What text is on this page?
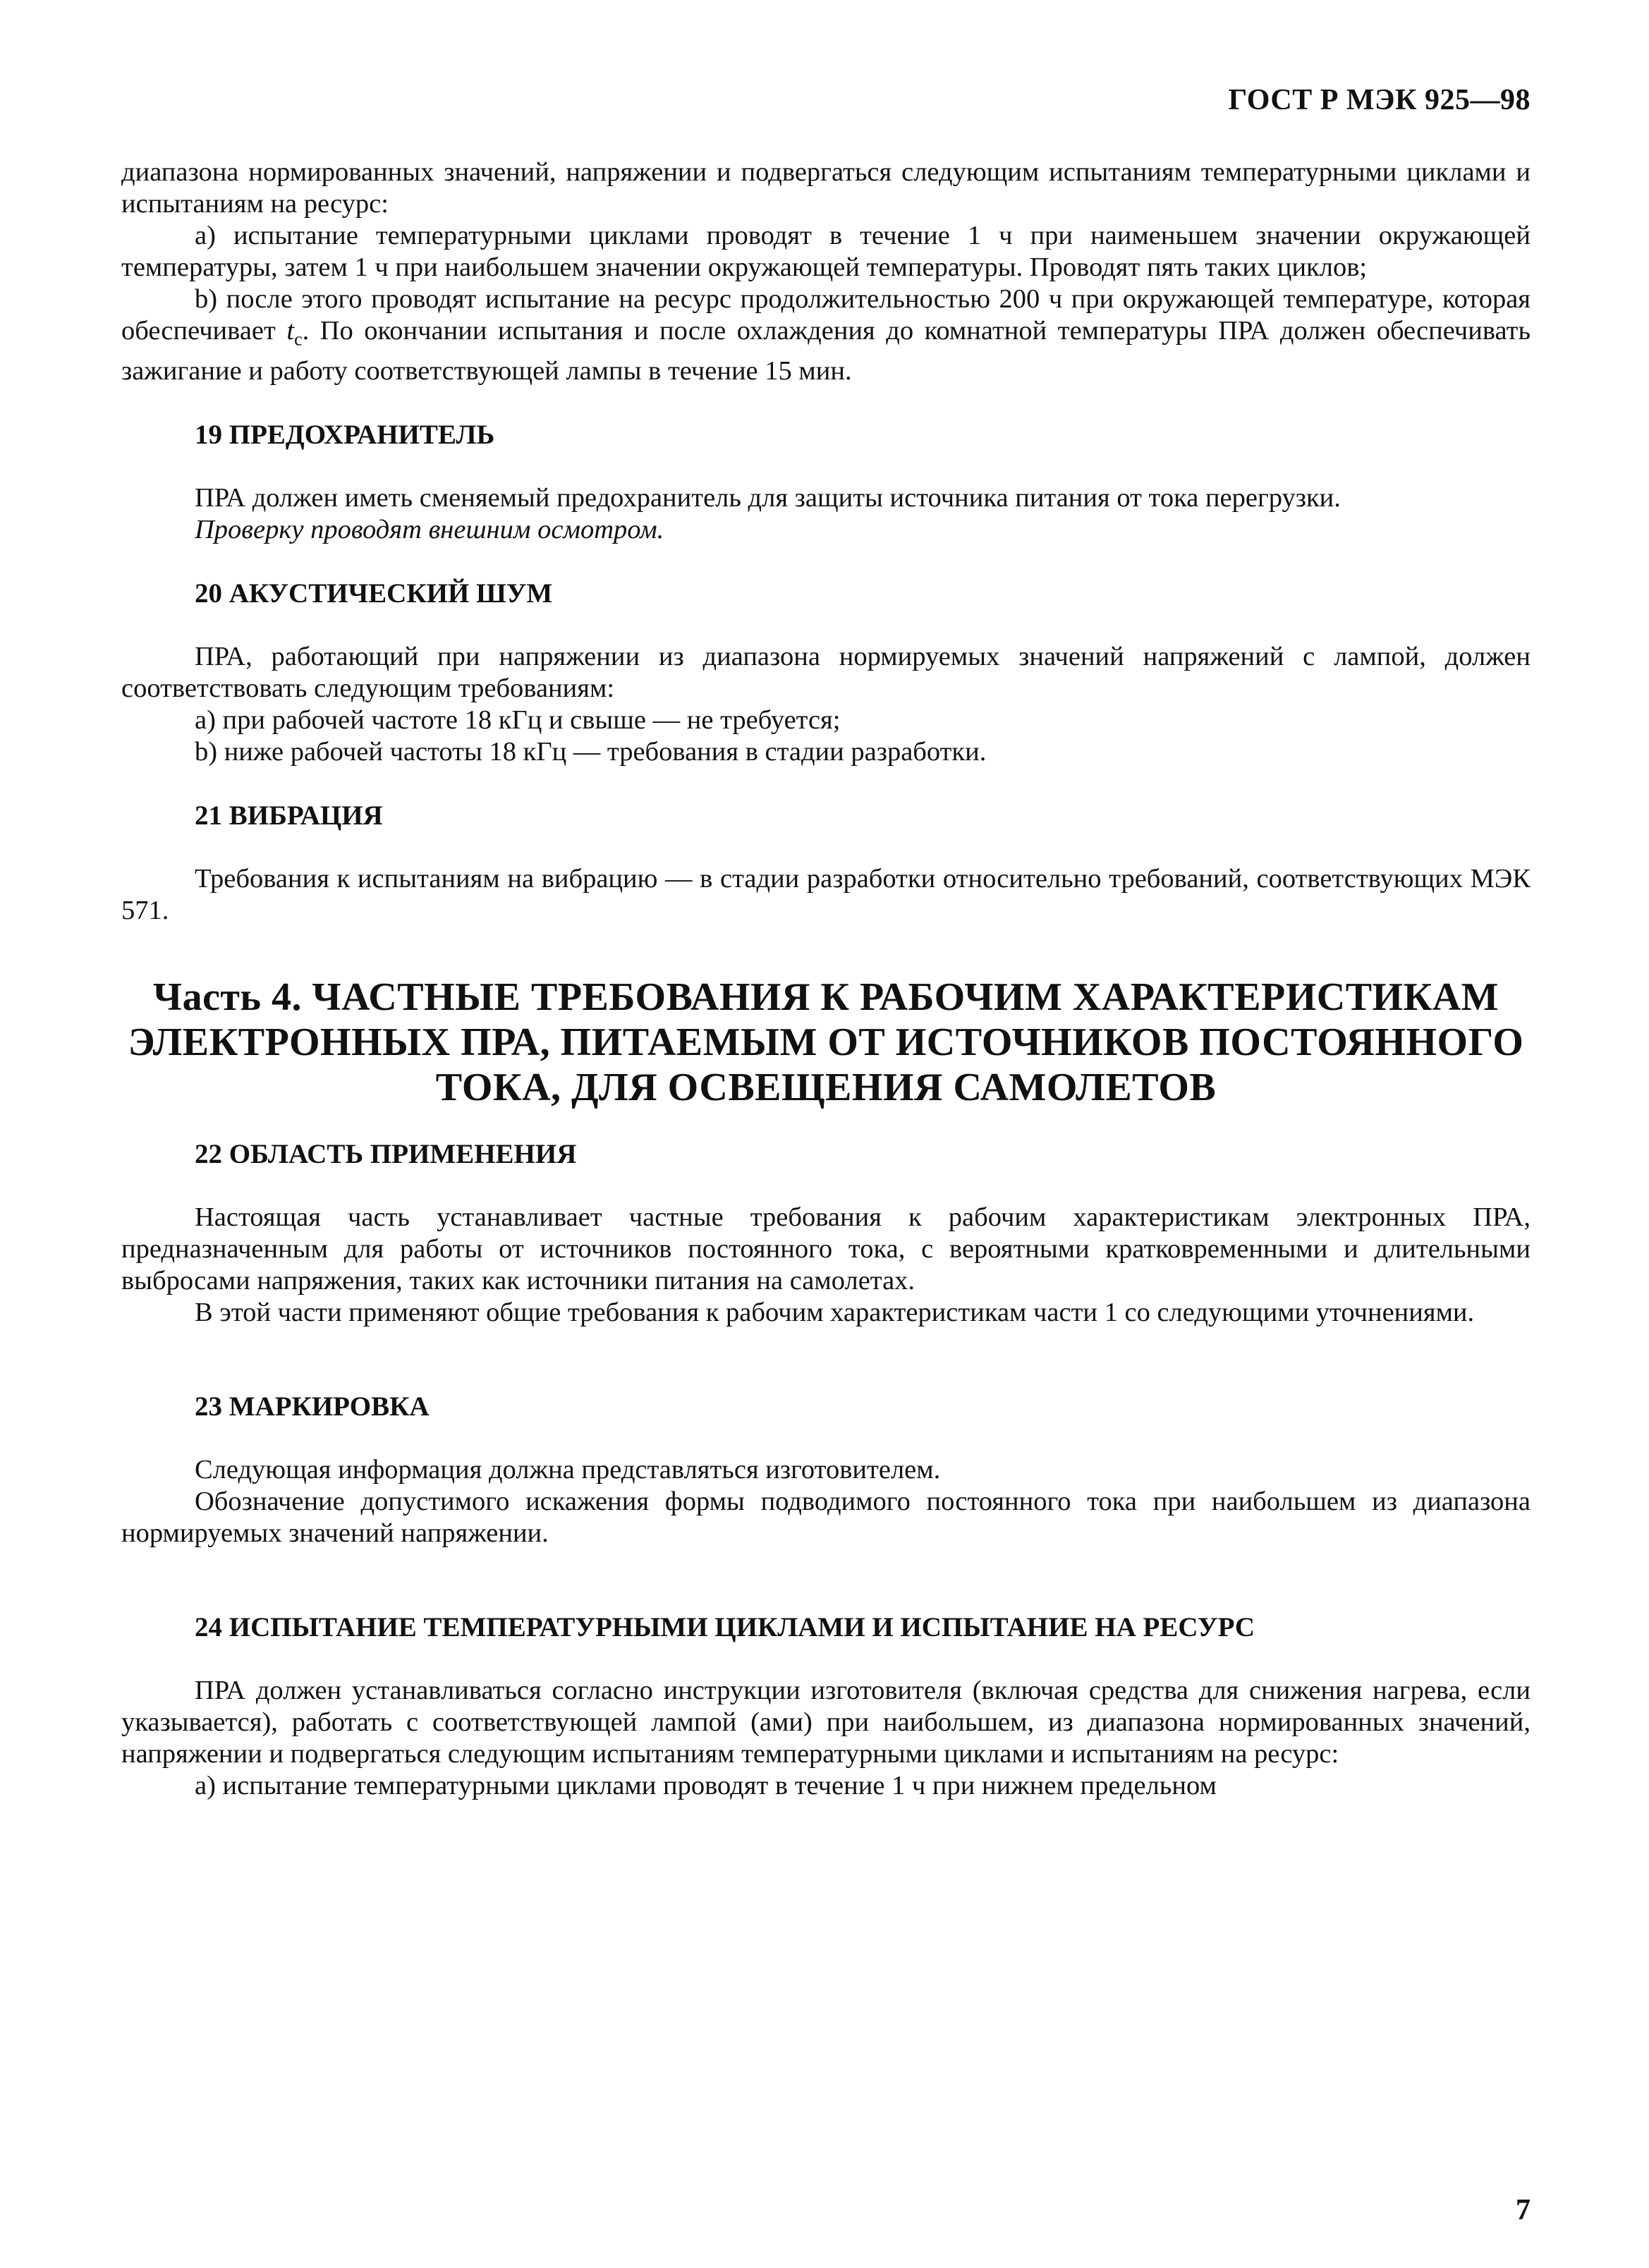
ГОСТ Р МЭК 925—98

диапазона нормированных значений, напряжении и подвергаться следующим испытаниям температурными циклами и испытаниям на ресурс:

a) испытание температурными циклами проводят в течение 1 ч при наименьшем значении окружающей температуры, затем 1 ч при наибольшем значении окружающей температуры. Проводят пять таких циклов;

b) после этого проводят испытание на ресурс продолжительностью 200 ч при окружающей температуре, которая обеспечивает $t_c$. По окончании испытания и после охлаждения до комнатной температуры ПРА должен обеспечивать зажигание и работу соответствующей лампы в течение 15 мин.

19 ПРЕДОХРАНИТЕЛЬ

ПРА должен иметь сменяемый предохранитель для защиты источника питания от тока перегрузки.

Проверку проводят внешним осмотром.

20 АКУСТИЧЕСКИЙ ШУМ

ПРА, работающий при напряжении из диапазона нормируемых значений напряжений с лампой, должен соответствовать следующим требованиям:

a) при рабочей частоте 18 кГц и свыше — не требуется;

b) ниже рабочей частоты 18 кГц — требования в стадии разработки.

21 ВИБРАЦИЯ

Требования к испытаниям на вибрацию — в стадии разработки относительно требований, соответствующих МЭК 571.

Часть 4. ЧАСТНЫЕ ТРЕБОВАНИЯ К РАБОЧИМ ХАРАКТЕРИСТИКАМ
ЭЛЕКТРОННЫХ ПРА, ПИТАЕМЫМ ОТ ИСТОЧНИКОВ ПОСТОЯННОГО
ТОКА, ДЛЯ ОСВЕЩЕНИЯ САМОЛЕТОВ
22 ОБЛАСТЬ ПРИМЕНЕНИЯ

Настоящая часть устанавливает частные требования к рабочим характеристикам электронных ПРА, предназначенным для работы от источников постоянного тока, с вероятными кратковременными и длительными выбросами напряжения, таких как источники питания на самолетах.

В этой части применяют общие требования к рабочим характеристикам части 1 со следующими уточнениями.

23 МАРКИРОВКА

Следующая информация должна представляться изготовителем.

Обозначение допустимого искажения формы подводимого постоянного тока при наибольшем из диапазона нормируемых значений напряжении.

24 ИСПЫТАНИЕ ТЕМПЕРАТУРНЫМИ ЦИКЛАМИ И ИСПЫТАНИЕ НА РЕСУРС

ПРА должен устанавливаться согласно инструкции изготовителя (включая средства для снижения нагрева, если указывается), работать с соответствующей лампой (ами) при наибольшем, из диапазона нормированных значений, напряжении и подвергаться следующим испытаниям температурными циклами и испытаниям на ресурс:

a) испытание температурными циклами проводят в течение 1 ч при нижнем предельном

7
